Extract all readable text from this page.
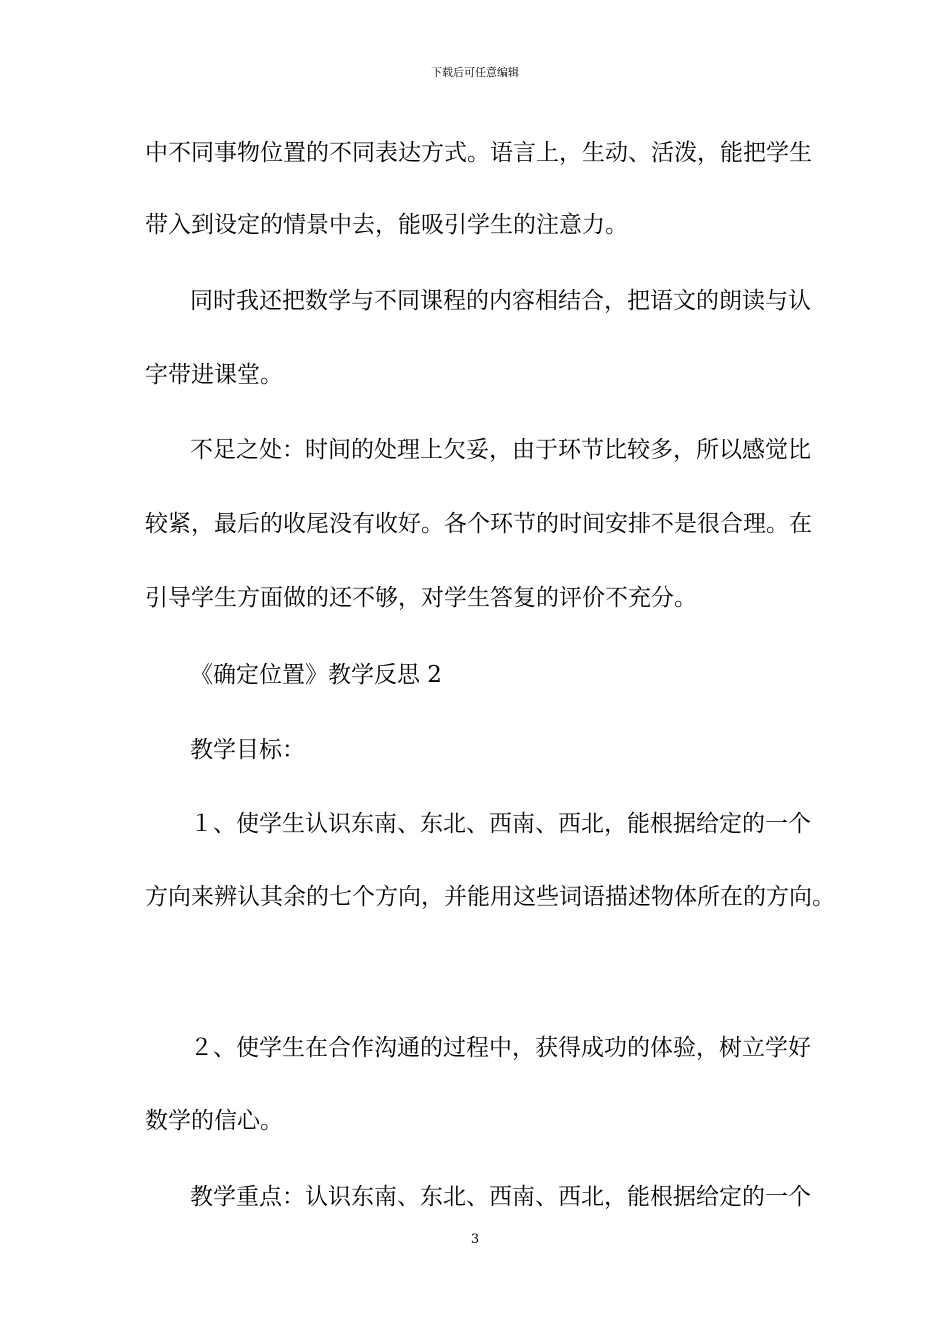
下载后可任意编辑
中不同事物位置的不同表达方式。语言上，生动、活泼，能把学生
带入到设定的情景中去，能吸引学生的注意力。
同时我还把数学与不同课程的内容相结合，把语文的朗读与认
字带进课堂。
不足之处：时间的处理上欠妥，由于环节比较多，所以感觉比
较紧，最后的收尾没有收好。各个环节的时间安排不是很合理。在
引导学生方面做的还不够，对学生答复的评价不充分。
《确定位置》教学反思 2
教学目标：
１、使学生认识东南、东北、西南、西北，能根据给定的一个
方向来辨认其余的七个方向，并能用这些词语描述物体所在的方向。
２、使学生在合作沟通的过程中，获得成功的体验，树立学好
数学的信心。
教学重点：认识东南、东北、西南、西北，能根据给定的一个
3
